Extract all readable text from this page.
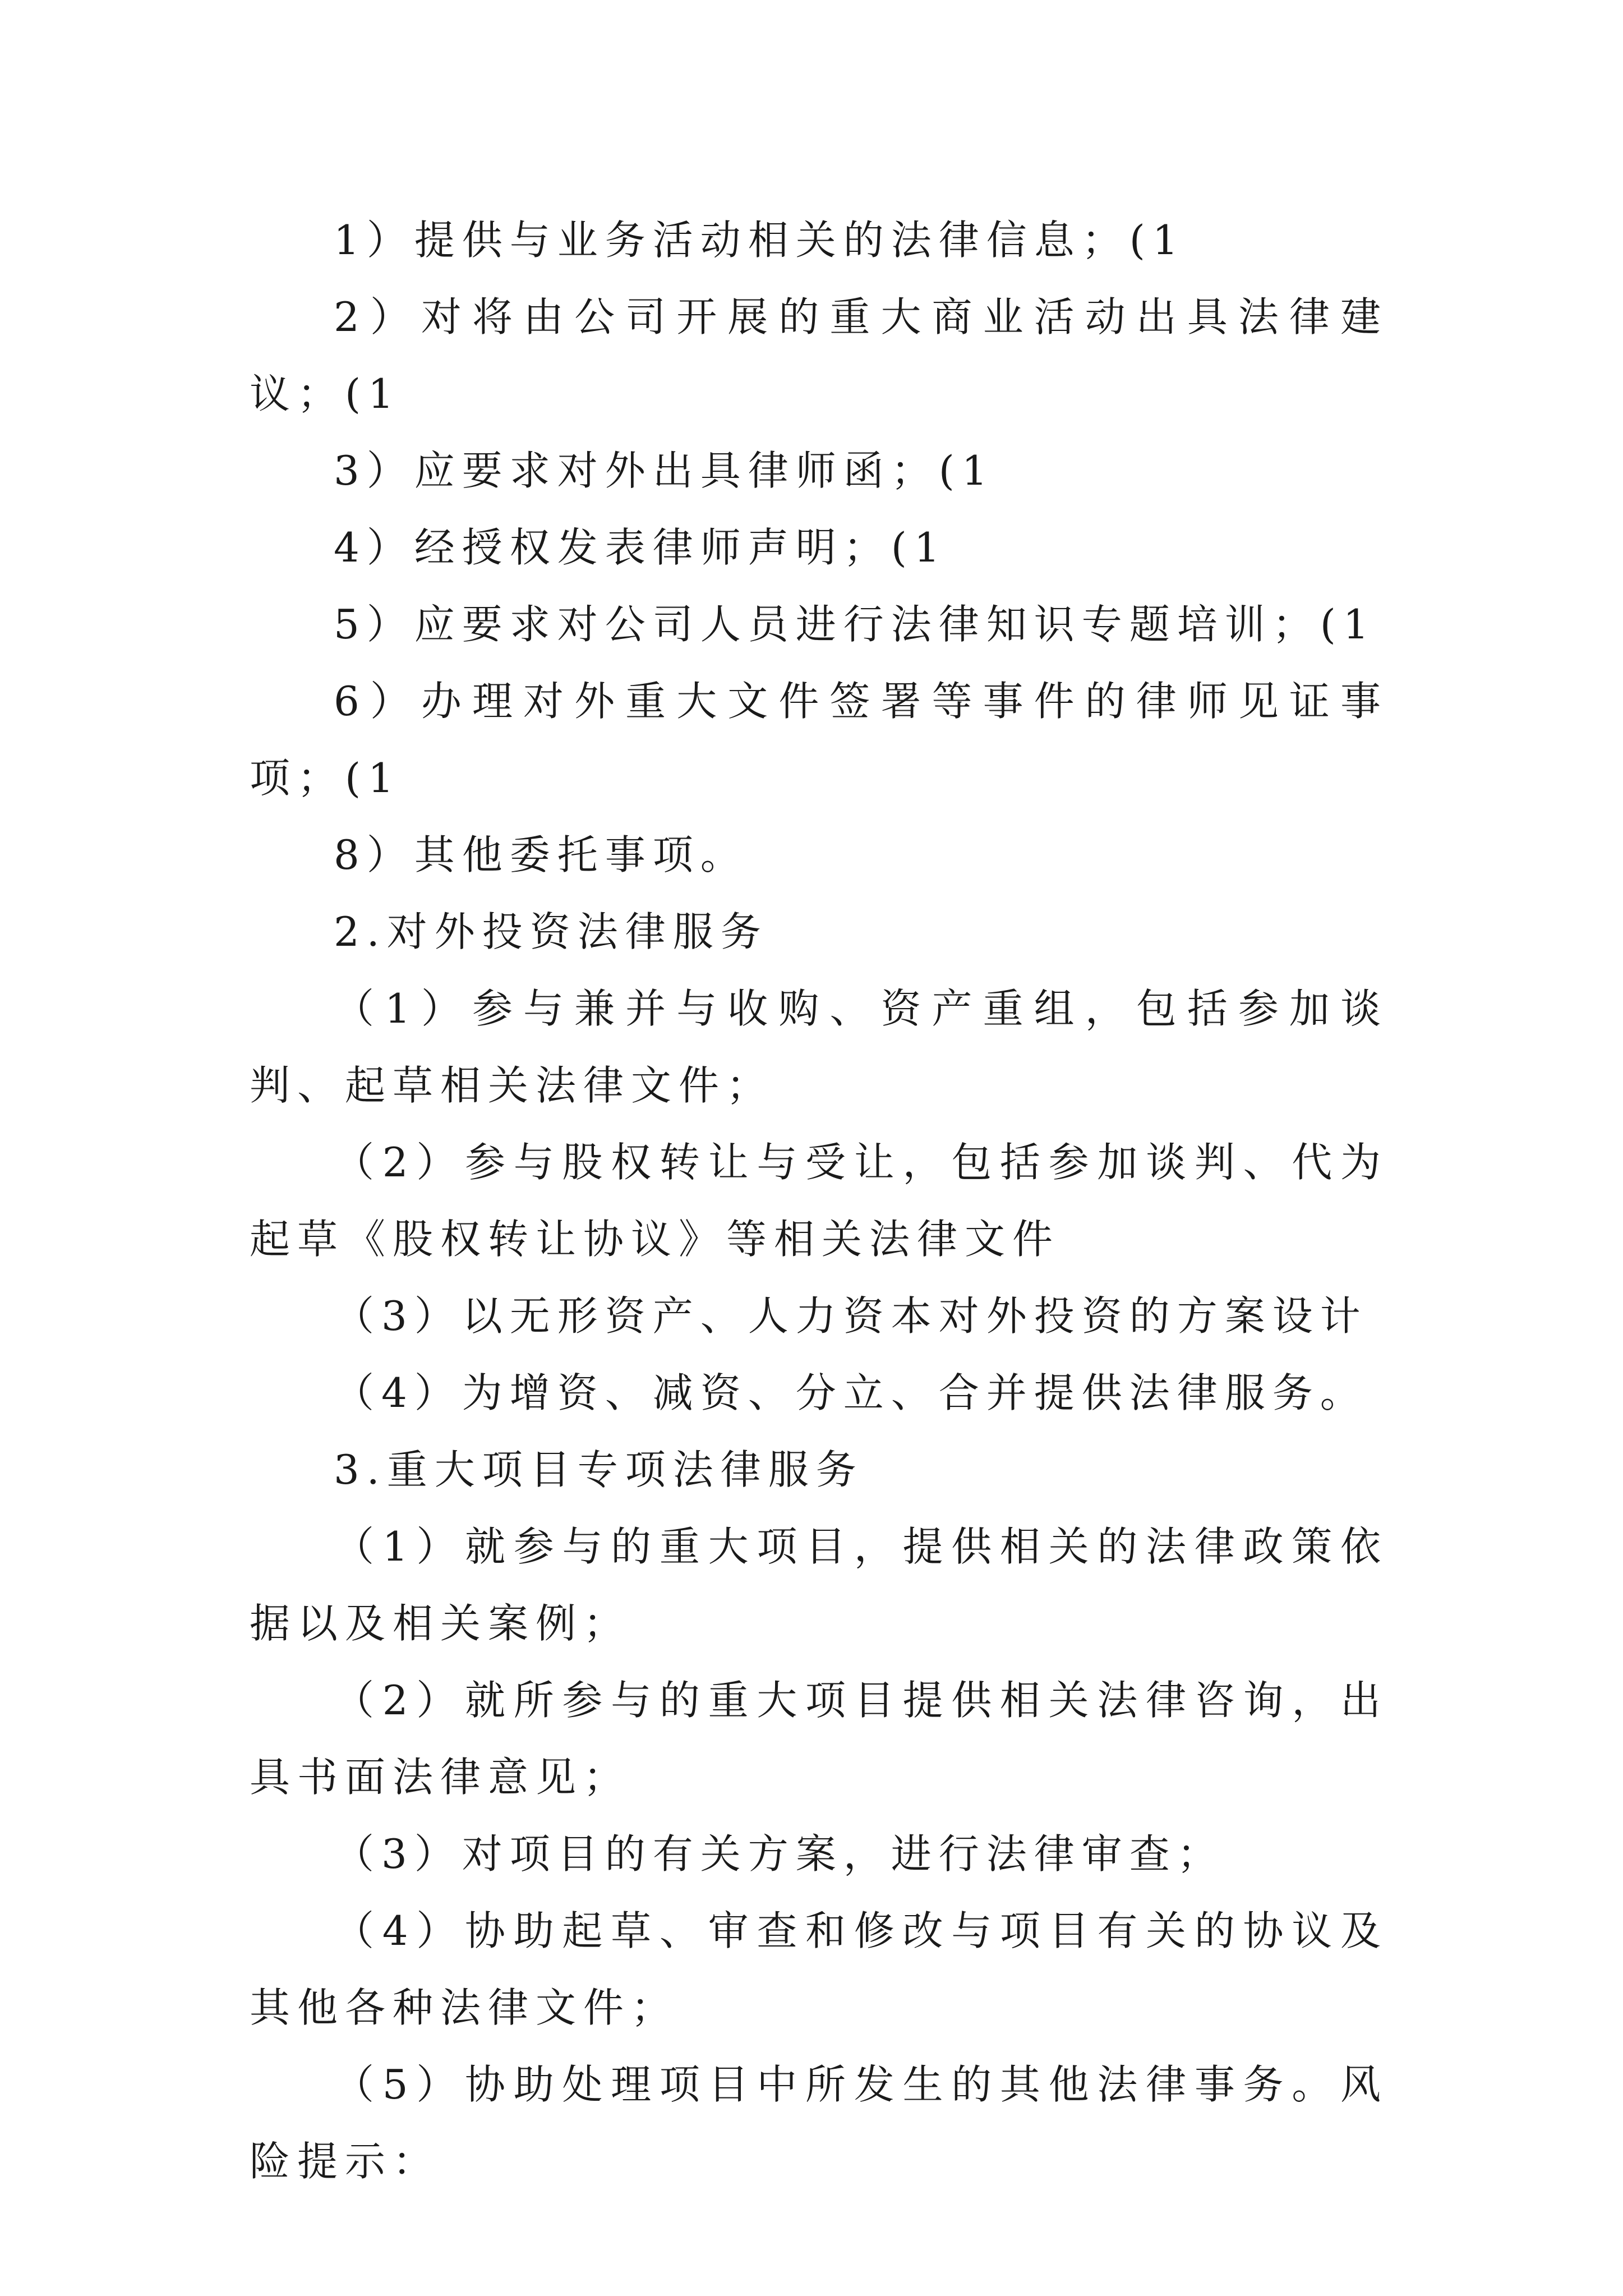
1）提供与业务活动相关的法律信息；(1

2）对将由公司开展的重大商业活动出具法律建议；(1

3）应要求对外出具律师函；(1

4）经授权发表律师声明；(1

5）应要求对公司人员进行法律知识专题培训；(1

6）办理对外重大文件签署等事件的律师见证事项；(1

8）其他委托事项。

2.对外投资法律服务

（1）参与兼并与收购、资产重组，包括参加谈判、起草相关法律文件；

（2）参与股权转让与受让，包括参加谈判、代为起草《股权转让协议》等相关法律文件

（3）以无形资产、人力资本对外投资的方案设计

（4）为增资、减资、分立、合并提供法律服务。

3.重大项目专项法律服务

（1）就参与的重大项目，提供相关的法律政策依据以及相关案例；

（2）就所参与的重大项目提供相关法律咨询，出具书面法律意见；

（3）对项目的有关方案，进行法律审查；

（4）协助起草、审查和修改与项目有关的协议及其他各种法律文件；

（5）协助处理项目中所发生的其他法律事务。风险提示：
